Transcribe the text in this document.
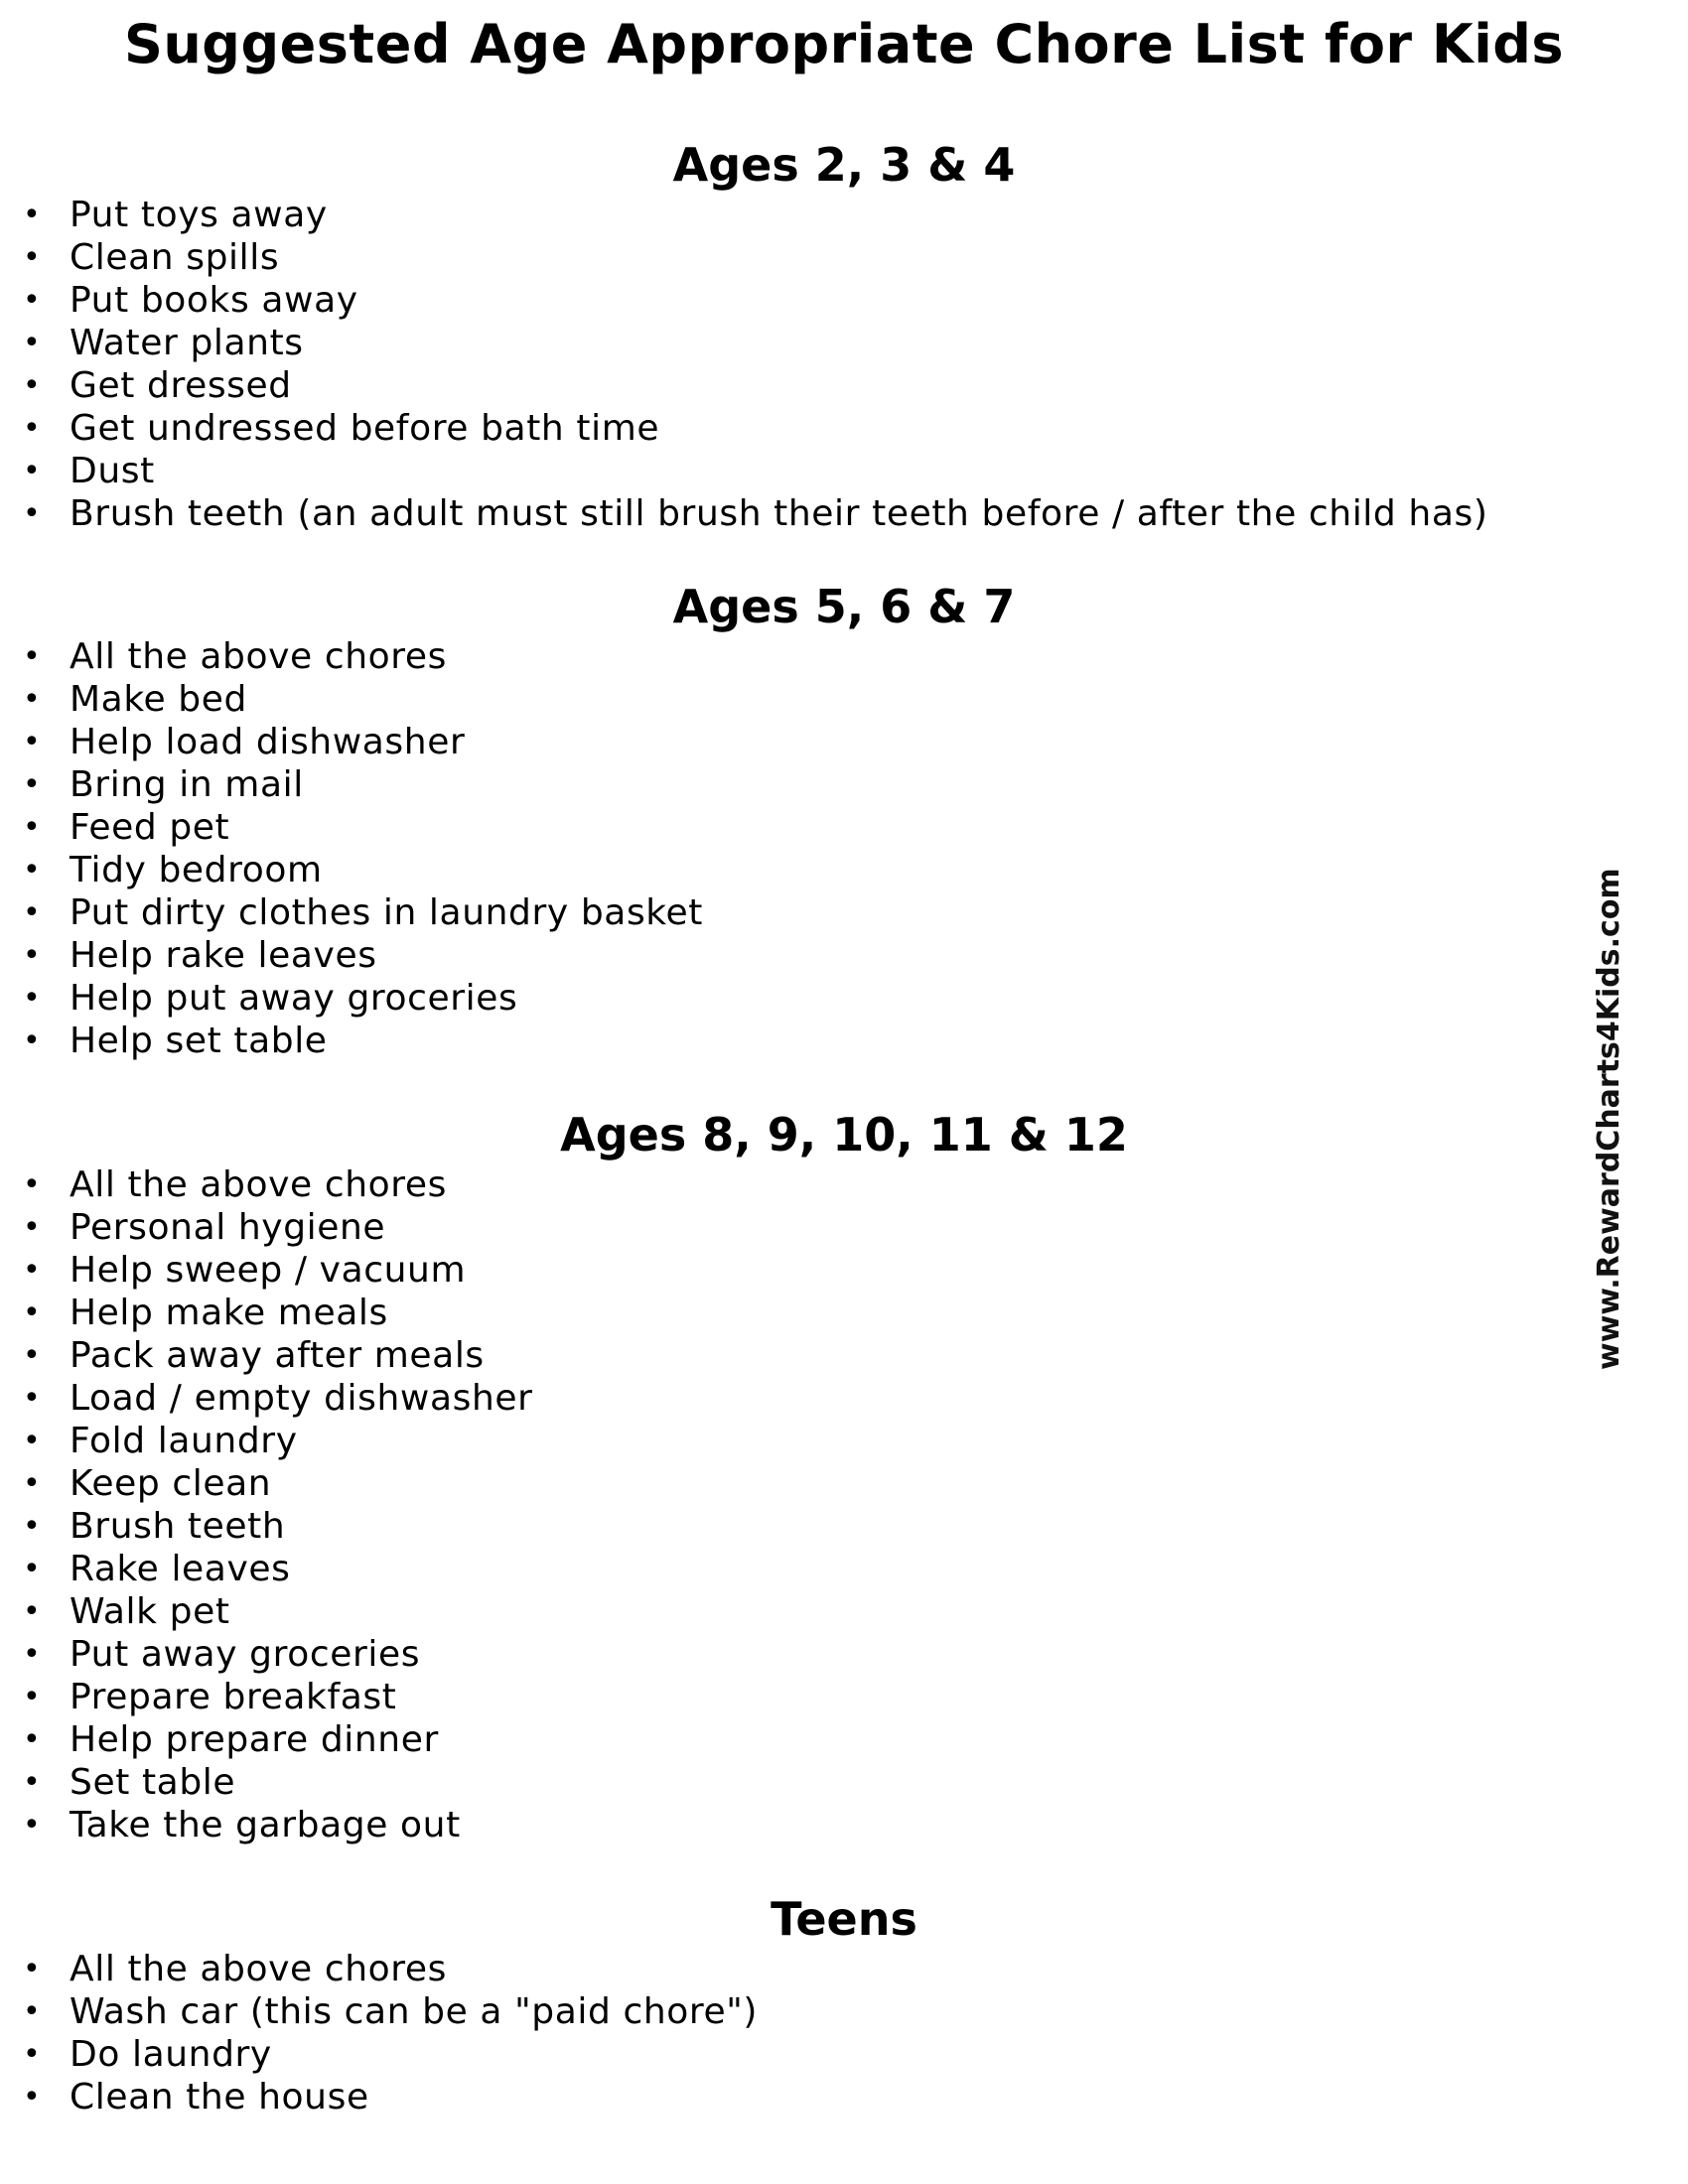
Suggested Age Appropriate Chore List for Kids
Ages 2, 3 & 4
• Put toys away
• Clean spills
• Put books away
• Water plants
• Get dressed
• Get undressed before bath time
• Dust
• Brush teeth (an adult must still brush their teeth before / after the child has)
Ages 5, 6 & 7
• All the above chores
• Make bed
• Help load dishwasher
• Bring in mail
• Feed pet
• Tidy bedroom
• Put dirty clothes in laundry basket
• Help rake leaves
• Help put away groceries
• Help set table
Ages 8, 9, 10, 11 & 12
• All the above chores
• Personal hygiene
• Help sweep / vacuum
• Help make meals
• Pack away after meals
• Load / empty dishwasher
• Fold laundry
• Keep clean
• Brush teeth
• Rake leaves
• Walk pet
• Put away groceries
• Prepare breakfast
• Help prepare dinner
• Set table
• Take the garbage out
Teens
• All the above chores
• Wash car (this can be a "paid chore")
• Do laundry
• Clean the house
www.RewardCharts4Kids.com
